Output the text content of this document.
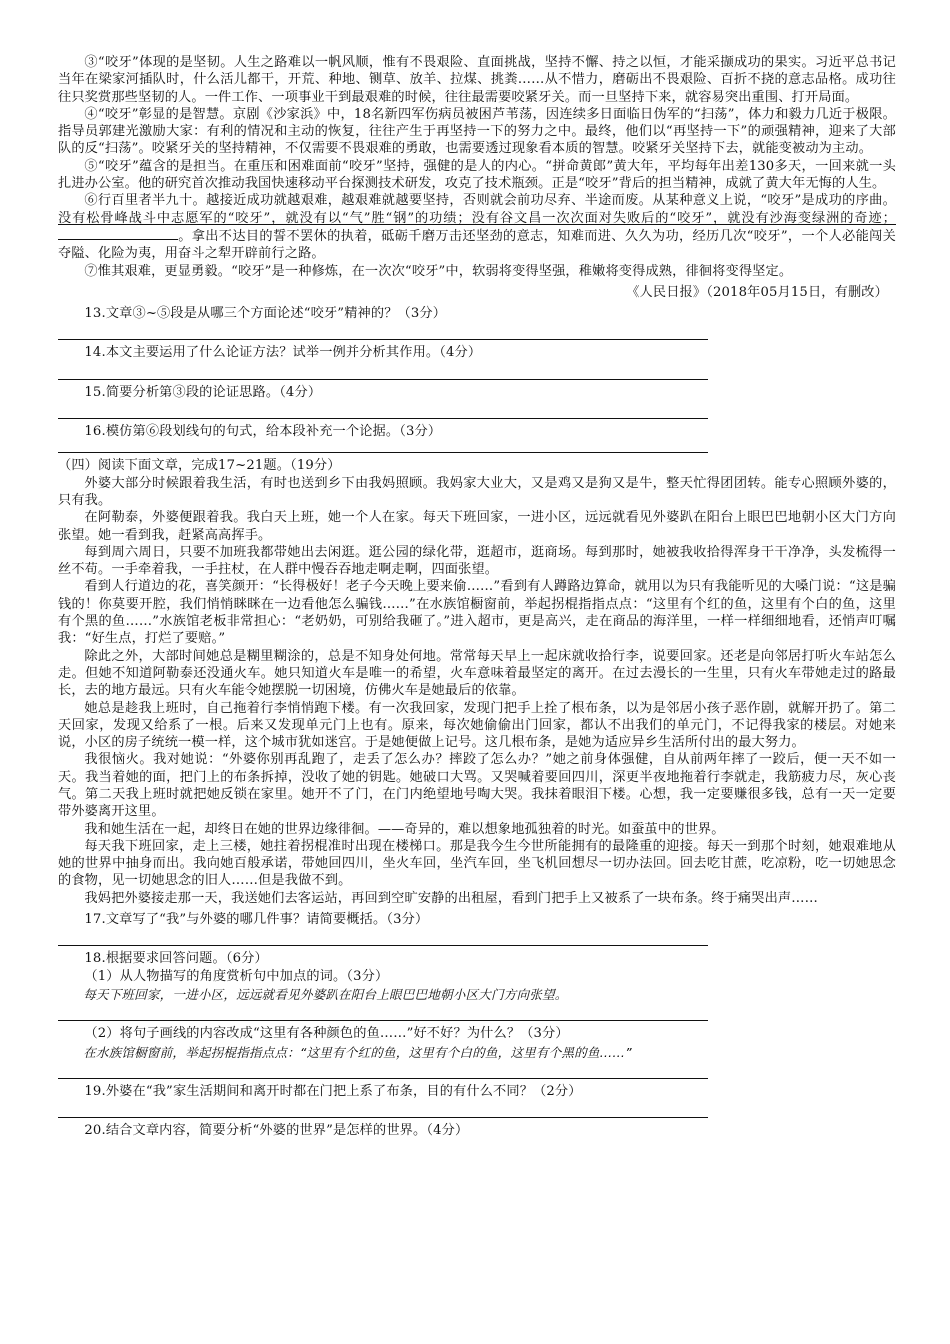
③“咬牙”体现的是坚韧。人生之路难以一帆风顺，惟有不畏艰险、直面挑战，坚持不懈、持之以恒，才能采撷成功的果实。习近平总书记当年在梁家河插队时，什么活儿都干，开荒、种地、铡草、放羊、拉煤、挑粪……从不惜力，磨砺出不畏艰险、百折不挠的意志品格。成功往往只奖赏那些坚韧的人。一件工作、一项事业干到最艰难的时候，往往最需要咬紧牙关。而一旦坚持下来，就容易突出重围、打开局面。

④“咬牙”彰显的是智慧。京剧《沙家浜》中，18名新四军伤病员被困芦苇荡，因连续多日面临日伪军的“扫荡”，体力和毅力几近于极限。指导员郭建光激励大家：有利的情况和主动的恢复，往往产生于再坚持一下的努力之中。最终，他们以“再坚持一下”的顽强精神，迎来了大部队的反“扫荡”。咬紧牙关的坚持精神，不仅需要不畏艰难的勇敢，也需要透过现象看本质的智慧。咬紧牙关坚持下去，就能变被动为主动。

⑤“咬牙”蕴含的是担当。在重压和困难面前“咬牙”坚持，强健的是人的内心。“拼命黄郎”黄大年，平均每年出差130多天，一回来就一头扎进办公室。他的研究首次推动我国快速移动平台探测技术研发，攻克了技术瓶颈。正是“咬牙”背后的担当精神，成就了黄大年无悔的人生。

⑥行百里者半九十。越接近成功就越艰难，越艰难就越要坚持，否则就会前功尽弃、半途而废。从某种意义上说，“咬牙”是成功的序曲。没有松骨峰战斗中志愿军的“咬牙”，就没有以“气”胜“钢”的功绩；没有谷文昌一次次面对失败后的“咬牙”，就没有沙海变绿洲的奇迹；。拿出不达目的誓不罢休的执着，砥砺千磨万击还坚劲的意志，知难而进、久久为功，经历几次“咬牙”，一个人必能闯关夺隘、化险为夷，用奋斗之犁开辟前行之路。

⑦惟其艰难，更显勇毅。“咬牙”是一种修炼，在一次次“咬牙”中，软弱将变得坚强，稚嫩将变得成熟，徘徊将变得坚定。

《人民日报》（2018年05月15日，有删改）

13.文章③~⑤段是从哪三个方面论述“咬牙”精神的？（3分）

14.本文主要运用了什么论证方法？试举一例并分析其作用。（4分）

15.简要分析第③段的论证思路。（4分）

16.模仿第⑥段划线句的句式，给本段补充一个论据。（3分）

（四）阅读下面文章，完成17~21题。（19分）

外婆大部分时候跟着我生活，有时也送到乡下由我妈照顾。我妈家大业大，又是鸡又是狗又是牛，整天忙得团团转。能专心照顾外婆的，只有我。

在阿勒泰，外婆便跟着我。我白天上班，她一个人在家。每天下班回家，一进小区，远远就看见外婆趴在阳台上眼巴巴地朝小区大门方向张望。她一看到我，赶紧高高挥手。

每到周六周日，只要不加班我都带她出去闲逛。逛公园的绿化带，逛超市，逛商场。每到那时，她被我收拾得浑身干干净净，头发梳得一丝不苟。一手牵着我，一手拄杖，在人群中慢吞吞地走啊走啊，四面张望。

看到人行道边的花，喜笑颜开：“长得极好！老子今天晚上要来偷……”看到有人蹲路边算命，就用以为只有我能听见的大嗓门说：“这是骗钱的！你莫要开腔，我们悄悄眯眯在一边看他怎么骗钱……”在水族馆橱窗前，举起拐棍指指点点：“这里有个红的鱼，这里有个白的鱼，这里有个黑的鱼……”水族馆老板非常担心：“老奶奶，可别给我砸了。”进入超市，更是高兴，走在商品的海洋里，一样一样细细地看，还悄声叮嘱我：“好生点，打烂了要赔。”

除此之外，大部时间她总是糊里糊涂的，总是不知身处何地。常常每天早上一起床就收拾行李，说要回家。还老是向邻居打听火车站怎么走。但她不知道阿勒泰还没通火车。她只知道火车是唯一的希望，火车意味着最坚定的离开。在过去漫长的一生里，只有火车带她走过的路最长，去的地方最远。只有火车能令她摆脱一切困境，仿佛火车是她最后的依靠。

她总是趁我上班时，自己拖着行李悄悄跑下楼。有一次我回家，发现门把手上拴了根布条，以为是邻居小孩子恶作剧，就解开扔了。第二天回家，发现又给系了一根。后来又发现单元门上也有。原来，每次她偷偷出门回家，都认不出我们的单元门，不记得我家的楼层。对她来说，小区的房子统统一模一样，这个城市犹如迷宫。于是她便做上记号。这几根布条，是她为适应异乡生活所付出的最大努力。

我很恼火。我对她说：“外婆你别再乱跑了，走丢了怎么办？摔跤了怎么办？”她之前身体强健，自从前两年摔了一跤后，便一天不如一天。我当着她的面，把门上的布条拆掉，没收了她的钥匙。她破口大骂。又哭喊着要回四川，深更半夜地拖着行李就走，我筋疲力尽，灰心丧气。第二天我上班时就把她反锁在家里。她开不了门，在门内绝望地号啕大哭。我抹着眼泪下楼。心想，我一定要赚很多钱，总有一天一定要带外婆离开这里。

我和她生活在一起，却终日在她的世界边缘徘徊。——奇异的，难以想象地孤独着的时光。如蚕茧中的世界。

每天我下班回家，走上三楼，她拄着拐棍准时出现在楼梯口。那是我今生今世所能拥有的最隆重的迎接。每天一到那个时刻，她艰难地从她的世界中抽身而出。我向她百般承诺，带她回四川，坐火车回，坐汽车回，坐飞机回想尽一切办法回。回去吃甘蔗，吃凉粉，吃一切她思念的食物，见一切她思念的旧人……但是我做不到。

我妈把外婆接走那一天，我送她们去客运站，再回到空旷安静的出租屋，看到门把手上又被系了一块布条。终于痛哭出声……

17.文章写了“我”与外婆的哪几件事？请简要概括。（3分）

18.根据要求回答问题。（6分）

（1）从人物描写的角度赏析句中加点的词。（3分）

每天下班回家，一进小区，远远就看见外婆趴在阳台上眼巴巴地朝小区大门方向张望。

（2）将句子画线的内容改成“这里有各种颜色的鱼……”好不好？为什么？（3分）

在水族馆橱窗前，举起拐棍指指点点：“这里有个红的鱼，这里有个白的鱼，这里有个黑的鱼……”

19.外婆在“我”家生活期间和离开时都在门把上系了布条，目的有什么不同？（2分）

20.结合文章内容，简要分析“外婆的世界”是怎样的世界。（4分）
